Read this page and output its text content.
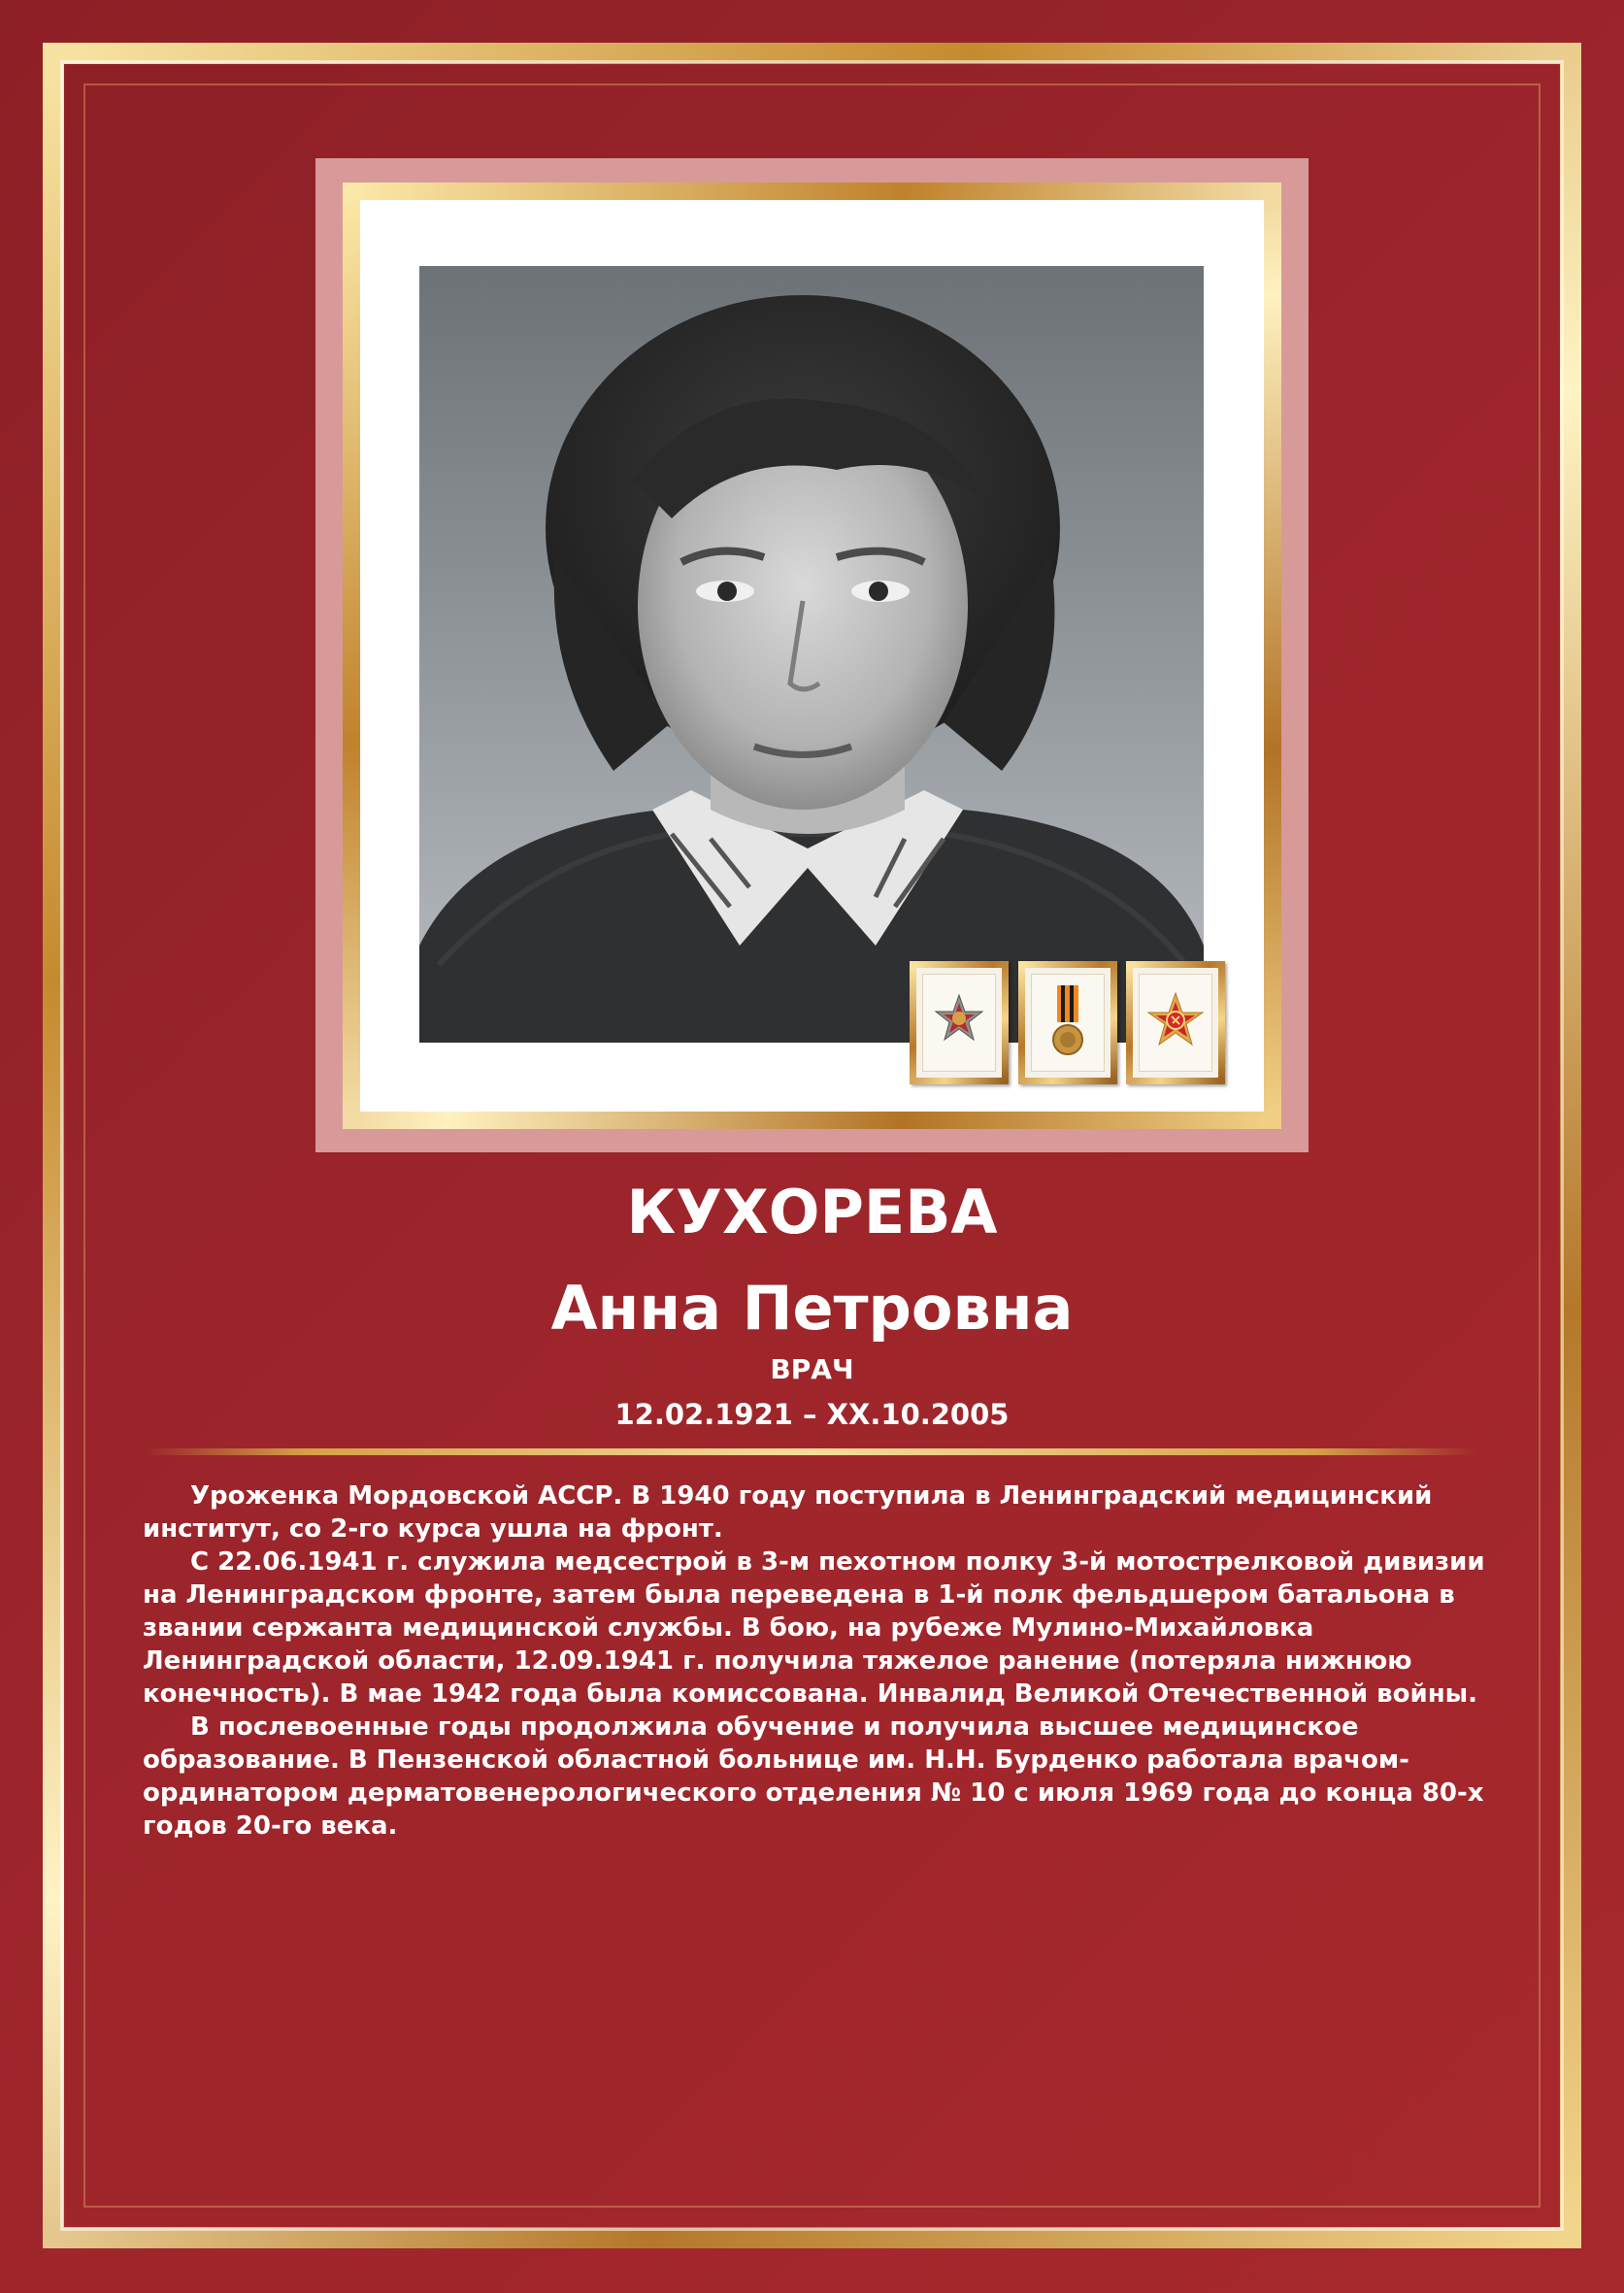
КУХОРЕВА
Анна Петровна
ВРАЧ
12.02.1921 – ХХ.10.2005

Уроженка Мордовской АССР. В 1940 году поступила в Ленинградский медицинский институт, со 2-го курса ушла на фронт.

С 22.06.1941 г. служила медсестрой в 3-м пехотном полку 3-й мотострелковой дивизии на Ленинградском фронте, затем была переведена в 1-й полк фельдшером батальона в звании сержанта медицинской службы. В бою, на рубеже Мулино-Михайловка Ленинградской области, 12.09.1941 г. получила тяжелое ранение (потеряла нижнюю конечность). В мае 1942 года была комиссована. Инвалид Великой Отечественной войны.

В послевоенные годы продолжила обучение и получила высшее медицинское образование. В Пензенской областной больнице им. Н.Н. Бурденко работала врачом-ординатором дерматовенерологического отделения № 10 с июля 1969 года до конца 80-х годов 20-го века.
